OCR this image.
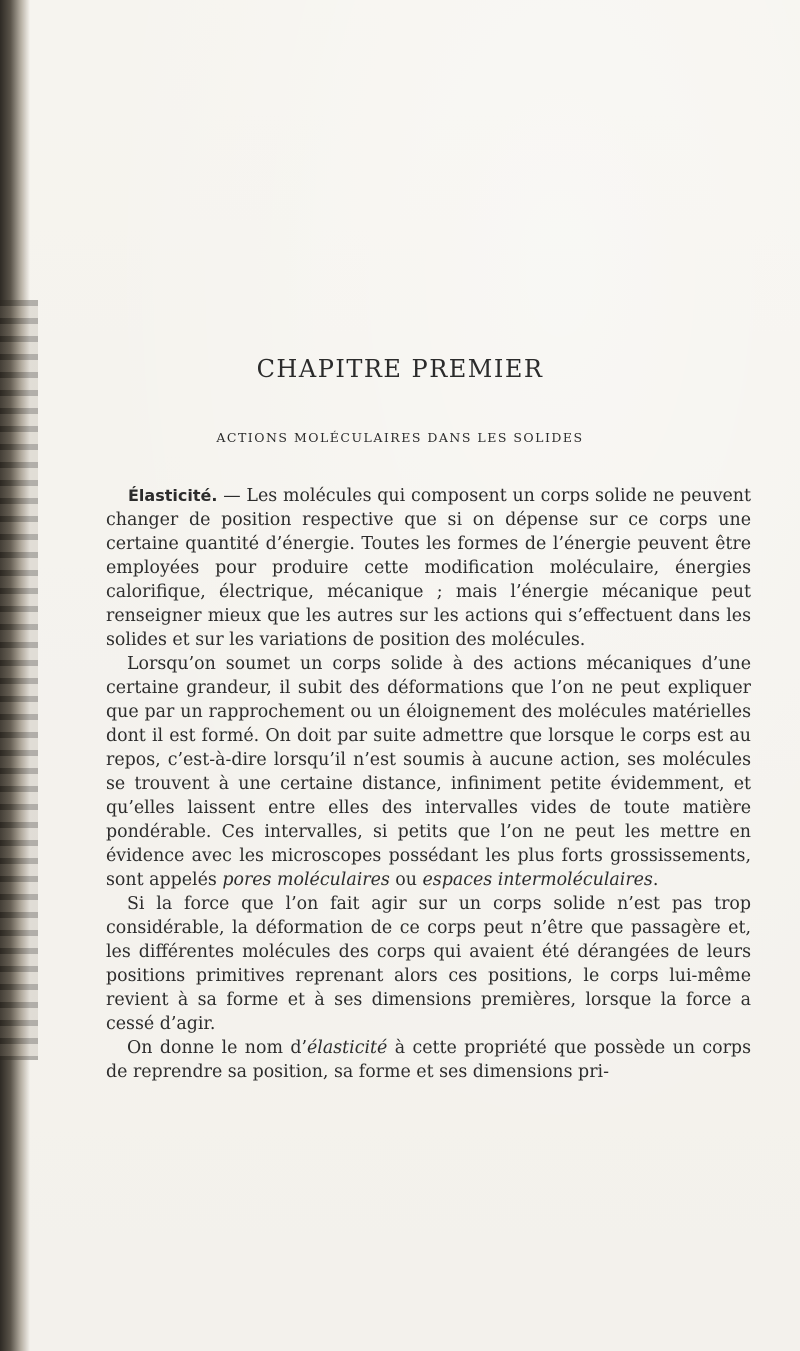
CHAPITRE PREMIER
ACTIONS MOLÉCULAIRES DANS LES SOLIDES

Élasticité. — Les molécules qui composent un corps solide ne peuvent changer de position respective que si on dépense sur ce corps une certaine quantité d’énergie. Toutes les formes de l’énergie peuvent être employées pour produire cette modification moléculaire, énergies calorifique, électrique, mécanique ; mais l’énergie mécanique peut renseigner mieux que les autres sur les actions qui s’effectuent dans les solides et sur les variations de position des molécules.

Lorsqu’on soumet un corps solide à des actions mécaniques d’une certaine grandeur, il subit des déformations que l’on ne peut expliquer que par un rapprochement ou un éloignement des molécules matérielles dont il est formé. On doit par suite admettre que lorsque le corps est au repos, c’est-à-dire lorsqu’il n’est soumis à aucune action, ses molécules se trouvent à une certaine distance, infiniment petite évidemment, et qu’elles laissent entre elles des intervalles vides de toute matière pondérable. Ces intervalles, si petits que l’on ne peut les mettre en évidence avec les microscopes possédant les plus forts grossissements, sont appelés pores moléculaires ou espaces intermoléculaires.

Si la force que l’on fait agir sur un corps solide n’est pas trop considérable, la déformation de ce corps peut n’être que passagère et, les différentes molécules des corps qui avaient été dérangées de leurs positions primitives reprenant alors ces positions, le corps lui-même revient à sa forme et à ses dimensions premières, lorsque la force a cessé d’agir.

On donne le nom d’élasticité à cette propriété que possède un corps de reprendre sa position, sa forme et ses dimensions pri-
